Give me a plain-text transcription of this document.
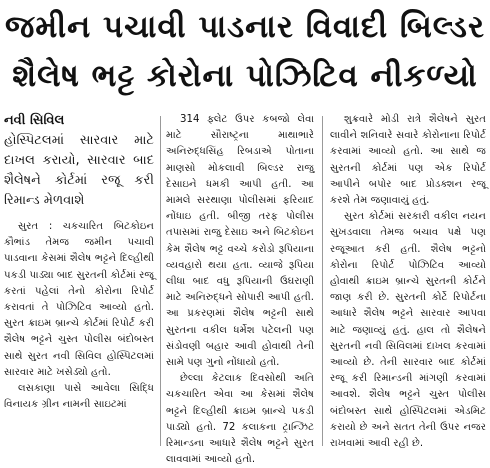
જમીન પચાવી પાડનાર વિવાદી બિલ્ડર
શૈલેષ ભટ્ટ કોરોના પોઝિટિવ નીકળ્યો
નવી સિવિલ
હોસ્પિટલમાં સારવાર માટે દાખલ કરાયો, સારવાર બાદ શૈલેષને કોર્ટમાં રજૂ કરી રિમાન્ડ મેળવાશે

સુરત : ચકચારિત બિટકોઇન કૌભાંડ તેમજ જમીન પચાવી પાડવાના કેસમાં શૈલેષ ભટ્ટને દિલ્હીથી પકડી પાડ્યા બાદ સુરતની કોર્ટમાં રજૂ કરતાં પહેલાં તેનો કોરોના રિપોર્ટ કરાવતાં તે પોઝિટિવ આવ્યો હતો. સુરત ક્રાઇમ બ્રાન્ચે કોર્ટમાં રિપોર્ટ કરી શૈલેષ ભટ્ટને ચુસ્ત પોલીસ બંદોબસ્ત સાથે સુરત નવી સિવિલ હોસ્પિટલમાં સારવાર માટે ખસેડ્યો હતો.

લસકાણા પાસે આવેલા સિદ્ધિ વિનાયક ગ્રીન નામની સાઇટમાં

314 ફ્લેટ ઉપર કબજો લેવા માટે સૌરાષ્ટ્રના માથાભારે અનિરુદ્ધસિંહ રિબડાએ પોતાના માણસો મોકલાવી બિલ્ડર રાજુ દેસાઇને ધમકી આપી હતી. આ મામલે સરથાણા પોલીસમાં ફરિયાદ નોંધાઇ હતી. બીજી તરફ પોલીસ તપાસમાં રાજુ દેસાઇ અને બિટકોઇન કેમ શૈલેષ ભટ્ટ વચ્ચે કરોડો રૂપિયાના વ્યવહારો થયા હતા. વ્યાજે રૂપિયા લીધા બાદ વધુ રૂપિયાની ઉઘરાણી માટે અનિરુદ્ધને સોપારી આપી હતી. આ પ્રકરણમાં શૈલેષ ભટ્ટની સાથે સુરતના વકીલ ધર્મેશ પટેલની પણ સંડોવણી બહાર આવી હોવાથી તેની સામે પણ ગુનો નોંધાયો હતો.

છેલ્લા કેટલાક દિવસોથી અતિ ચકચારિત એવા આ કેસમાં શૈલેષ ભટ્ટને દિલ્હીથી ક્રાઇમ બ્રાન્ચે પકડી પાડ્યો હતો. 72 કલાકના ટ્રાન્ઝિટ રિમાન્ડના આધારે શૈલેષ ભટ્ટને સુરત લાવવામાં આવ્યો હતો.

શુક્રવારે મોડી રાત્રે શૈલેષને સુરત લાવીને શનિવારે સવારે કોરોનાના રિપોર્ટ કરવામાં આવ્યો હતો. આ સાથે જ સુરતની કોર્ટમાં પણ એક રિપોર્ટ આપીને બપોર બાદ પ્રોડક્શન રજૂ કરશે તેમ જણાવાયું હતું.

સુરત કોર્ટમાં સરકારી વકીલ નયન સુખડવાલા તેમજ બચાવ પક્ષે પણ રજૂઆત કરી હતી. શૈલેષ ભટ્ટનો કોરોના રિપોર્ટ પોઝિટિવ આવ્યો હોવાથી ક્રાઇમ બ્રાન્ચે સુરતની કોર્ટને જાણ કરી છે. સુરતની કોર્ટે રિપોર્ટના આધારે શૈલેષ ભટ્ટને સારવાર આપવા માટે જણાવ્યું હતું. હાલ તો શૈલેષને સુરતની નવી સિવિલમાં દાખલ કરવામાં આવ્યો છે. તેની સારવાર બાદ કોર્ટમાં રજૂ કરી રિમાન્ડની માંગણી કરવામાં આવશે. શૈલેષ ભટ્ટને ચુસ્ત પોલીસ બંદોબસ્ત સાથે હોસ્પિટલમાં એડમિટ કરાયો છે અને સતત તેની ઉપર નજર રાખવામાં આવી રહી છે.
